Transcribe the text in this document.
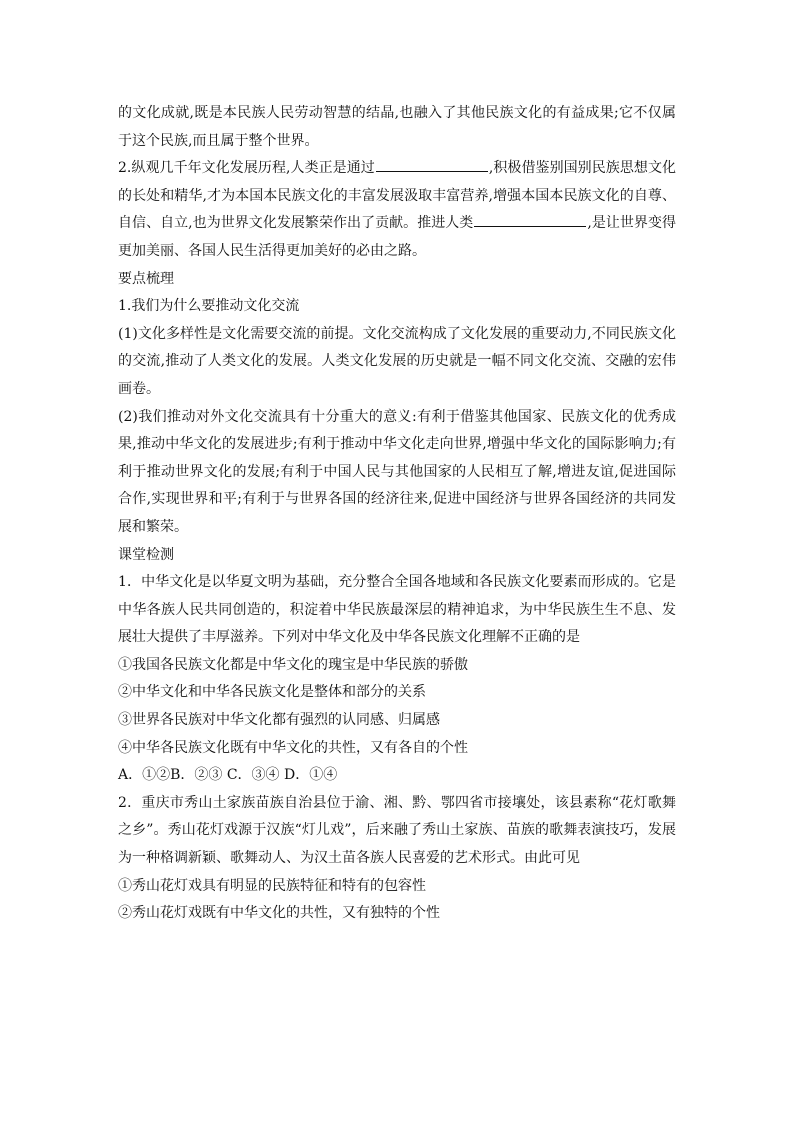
的文化成就,既是本民族人民劳动智慧的结晶,也融入了其他民族文化的有益成果;它不仅属于这个民族,而且属于整个世界。

2.纵观几千年文化发展历程,人类正是通过	,积极借鉴别国别民族思想文化的长处和精华,才为本国本民族文化的丰富发展汲取丰富营养,增强本国本民族文化的自尊、自信、自立,也为世界文化发展繁荣作出了贡献。推进人类	,是让世界变得更加美丽、各国人民生活得更加美好的必由之路。

要点梳理

1.我们为什么要推动文化交流

(1)文化多样性是文化需要交流的前提。文化交流构成了文化发展的重要动力,不同民族文化的交流,推动了人类文化的发展。人类文化发展的历史就是一幅不同文化交流、交融的宏伟画卷。

(2)我们推动对外文化交流具有十分重大的意义:有利于借鉴其他国家、民族文化的优秀成果,推动中华文化的发展进步;有利于推动中华文化走向世界,增强中华文化的国际影响力;有利于推动世界文化的发展;有利于中国人民与其他国家的人民相互了解,增进友谊,促进国际合作,实现世界和平;有利于与世界各国的经济往来,促进中国经济与世界各国经济的共同发展和繁荣。

课堂检测

1．中华文化是以华夏文明为基础，充分整合全国各地域和各民族文化要素而形成的。它是中华各族人民共同创造的，积淀着中华民族最深层的精神追求，为中华民族生生不息、发展壮大提供了丰厚滋养。下列对中华文化及中华各民族文化理解不正确的是

①我国各民族文化都是中华文化的瑰宝是中华民族的骄傲

②中华文化和中华各民族文化是整体和部分的关系

③世界各民族对中华文化都有强烈的认同感、归属感

④中华各民族文化既有中华文化的共性，又有各自的个性

A．①②B．②③ C．③④ D．①④

2．重庆市秀山土家族苗族自治县位于渝、湘、黔、鄂四省市接壤处，该县素称“花灯歌舞之乡”。秀山花灯戏源于汉族“灯儿戏”，后来融了秀山土家族、苗族的歌舞表演技巧，发展为一种格调新颖、歌舞动人、为汉土苗各族人民喜爱的艺术形式。由此可见

①秀山花灯戏具有明显的民族特征和特有的包容性

②秀山花灯戏既有中华文化的共性，又有独特的个性
